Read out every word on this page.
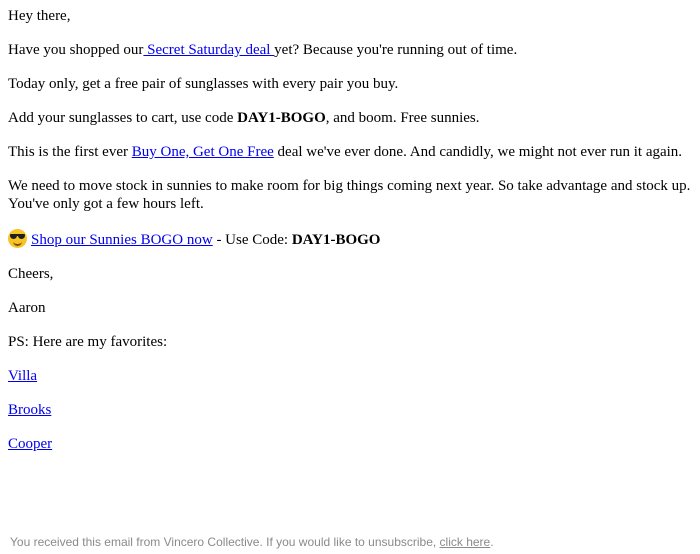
Hey there,

Have you shopped our Secret Saturday deal yet? Because you're running out of time.

Today only, get a free pair of sunglasses with every pair you buy.

Add your sunglasses to cart, use code DAY1-BOGO, and boom. Free sunnies.

This is the first ever Buy One, Get One Free deal we've ever done. And candidly, we might not ever run it again.

We need to move stock in sunnies to make room for big things coming next year. So take advantage and stock up. You've only got a few hours left.

Shop our Sunnies BOGO now - Use Code: DAY1-BOGO

Cheers,

Aaron

PS: Here are my favorites:

Villa

Brooks

Cooper

You received this email from Vincero Collective. If you would like to unsubscribe, click here.
